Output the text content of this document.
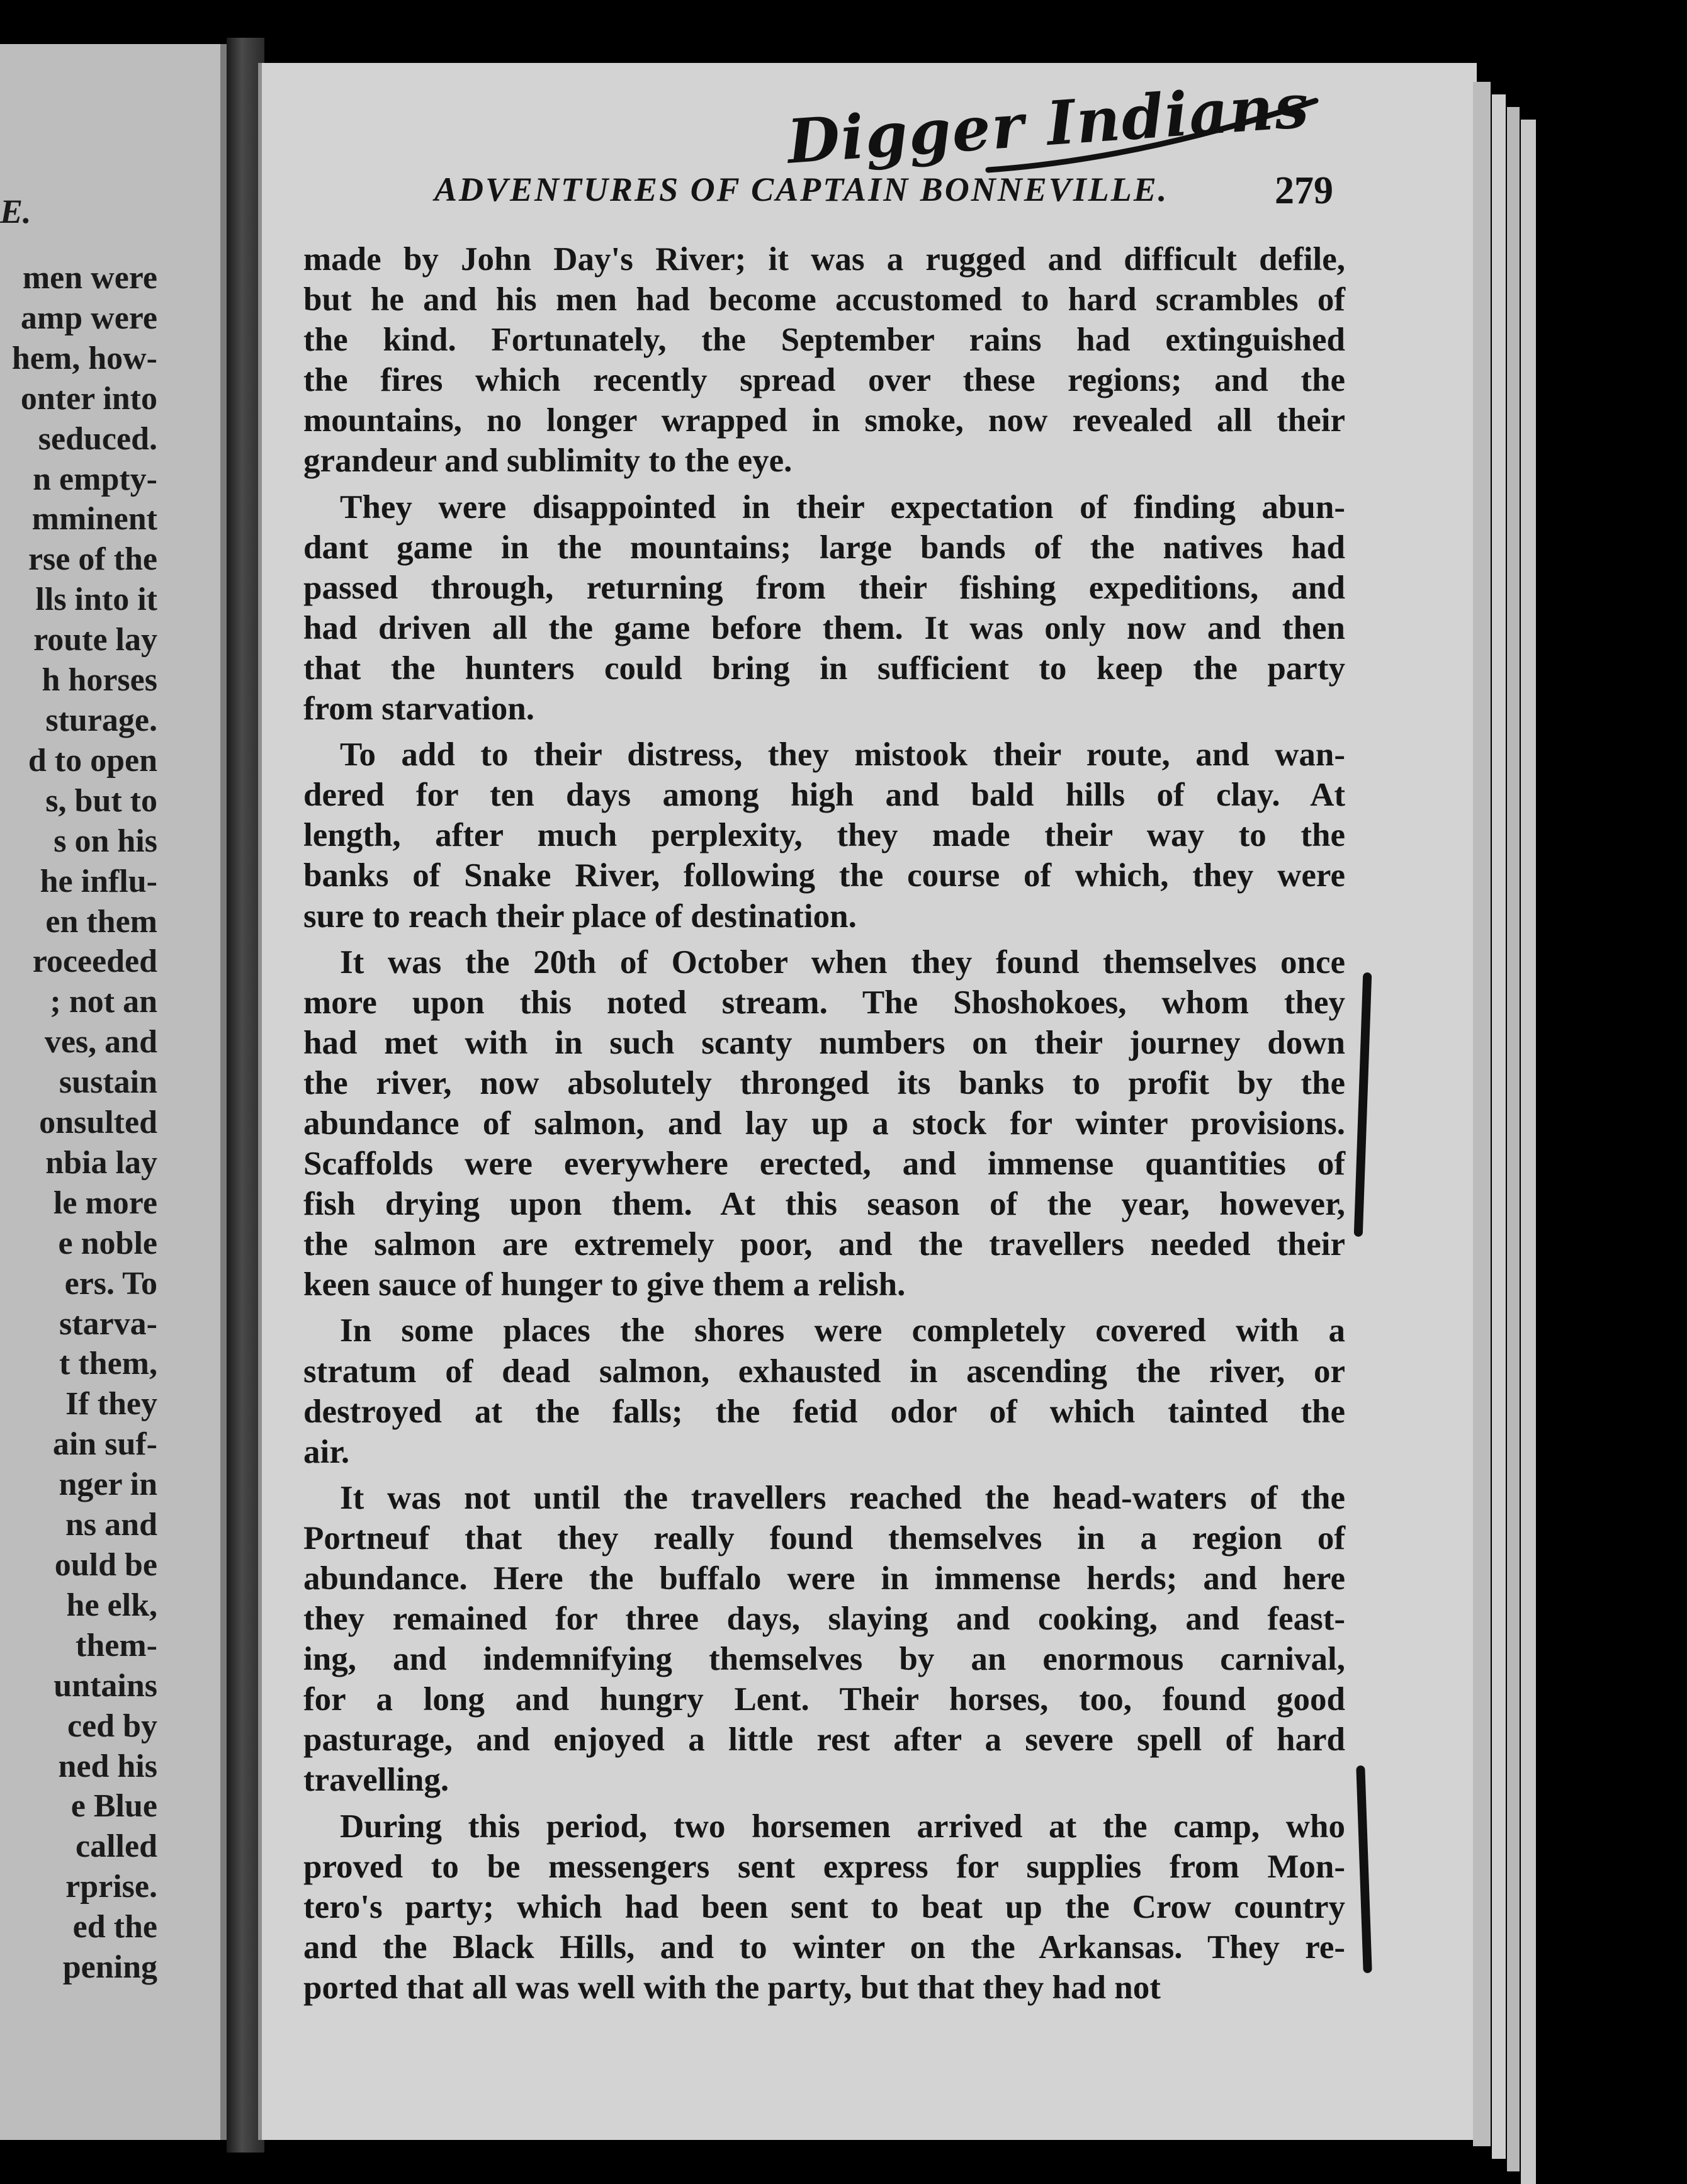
E.
men were
amp were
hem, how-
onter into
seduced.
n empty-
mminent
rse of the
lls into it
route lay
h horses
sturage.
d to open
s, but to
s on his
he influ-
en them
roceeded
; not an
ves, and
sustain
onsulted
nbia lay
le more
e noble
ers. To
starva-
t them,
If they
ain suf-
nger in
ns and
ould be
he elk,
them-
untains
ced by
ned his
e Blue
called
rprise.
ed the
pening
Digger Indians
ADVENTURES OF CAPTAIN BONNEVILLE.	279

made by John Day's River; it was a rugged and difficult defile,
but he and his men had become accustomed to hard scrambles of
the kind. Fortunately, the September rains had extinguished
the fires which recently spread over these regions; and the
mountains, no longer wrapped in smoke, now revealed all their
grandeur and sublimity to the eye.

They were disappointed in their expectation of finding abun-
dant game in the mountains; large bands of the natives had
passed through, returning from their fishing expeditions, and
had driven all the game before them. It was only now and then
that the hunters could bring in sufficient to keep the party
from starvation.

To add to their distress, they mistook their route, and wan-
dered for ten days among high and bald hills of clay. At
length, after much perplexity, they made their way to the
banks of Snake River, following the course of which, they were
sure to reach their place of destination.

It was the 20th of October when they found themselves once
more upon this noted stream. The Shoshokoes, whom they
had met with in such scanty numbers on their journey down
the river, now absolutely thronged its banks to profit by the
abundance of salmon, and lay up a stock for winter provisions.
Scaffolds were everywhere erected, and immense quantities of
fish drying upon them. At this season of the year, however,
the salmon are extremely poor, and the travellers needed their
keen sauce of hunger to give them a relish.

In some places the shores were completely covered with a
stratum of dead salmon, exhausted in ascending the river, or
destroyed at the falls; the fetid odor of which tainted the
air.

It was not until the travellers reached the head-waters of the
Portneuf that they really found themselves in a region of
abundance. Here the buffalo were in immense herds; and here
they remained for three days, slaying and cooking, and feast-
ing, and indemnifying themselves by an enormous carnival,
for a long and hungry Lent. Their horses, too, found good
pasturage, and enjoyed a little rest after a severe spell of hard
travelling.

During this period, two horsemen arrived at the camp, who
proved to be messengers sent express for supplies from Mon-
tero's party; which had been sent to beat up the Crow country
and the Black Hills, and to winter on the Arkansas. They re-
ported that all was well with the party, but that they had not
